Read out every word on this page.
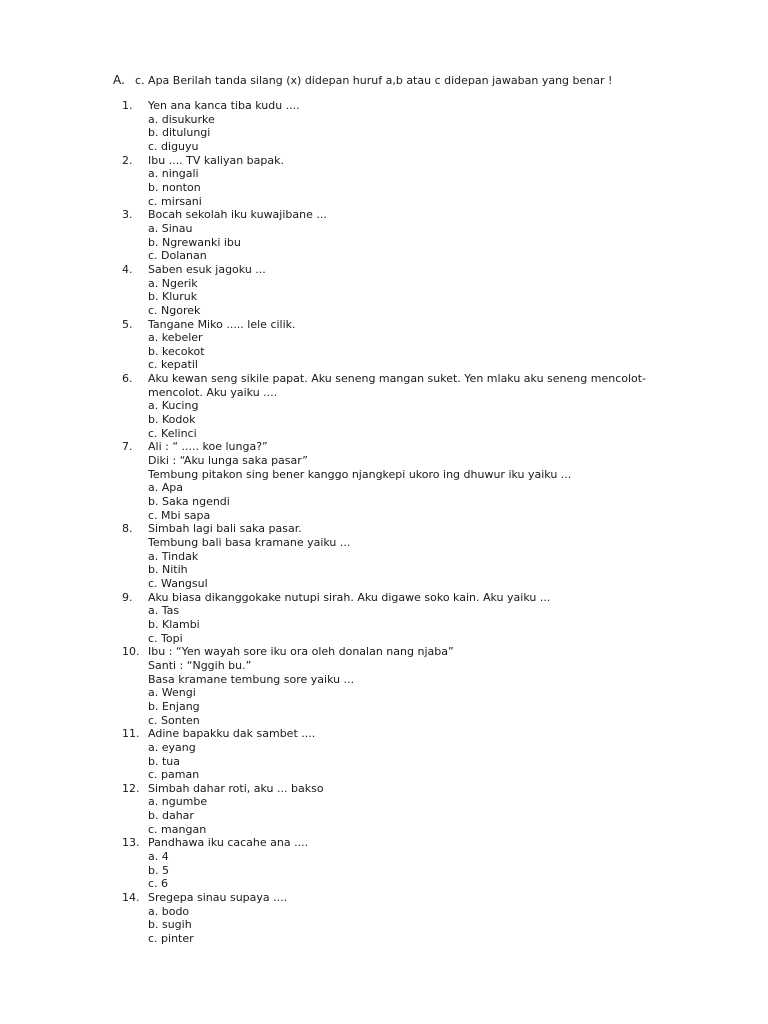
A. c. Apa Berilah tanda silang (x) didepan huruf a,b atau c didepan jawaban yang benar !
1.	Yen ana kanca tiba kudu ....
a. disukurke
b. ditulungi
c. diguyu
2.	Ibu .... TV kaliyan bapak.
a. ningali
b. nonton
c. mirsani
3.	Bocah sekolah iku kuwajibane ...
a. Sinau
b. Ngrewanki ibu
c. Dolanan
4.	Saben esuk jagoku ...
a. Ngerik
b. Kluruk
c. Ngorek
5.	Tangane Miko ..... lele cilik.
a. kebeler
b. kecokot
c. kepatil
6.	Aku kewan seng sikile papat. Aku seneng mangan suket. Yen mlaku aku seneng mencolot-
mencolot. Aku yaiku ....
a. Kucing
b. Kodok
c. Kelinci
7.	Ali : “ ..... koe lunga?”
Diki : “Aku lunga saka pasar”
Tembung pitakon sing bener kanggo njangkepi ukoro ing dhuwur iku yaiku ...
a. Apa
b. Saka ngendi
c. Mbi sapa
8.	Simbah lagi bali saka pasar.
Tembung bali basa kramane yaiku ...
a. Tindak
b. Nitih
c. Wangsul
9.	Aku biasa dikanggokake nutupi sirah. Aku digawe soko kain. Aku yaiku ...
a. Tas
b. Klambi
c. Topi
10. Ibu : “Yen wayah sore iku ora oleh donalan nang njaba”
Santi : “Nggih bu.”
Basa kramane tembung sore yaiku ...
a. Wengi
b. Enjang
c. Sonten
11. Adine bapakku dak sambet ....
a. eyang
b. tua
c. paman
12. Simbah dahar roti, aku ... bakso
a. ngumbe
b. dahar
c. mangan
13. Pandhawa iku cacahe ana ....
a. 4
b. 5
c. 6
14. Sregepa sinau supaya ....
a. bodo
b. sugih
c. pinter
